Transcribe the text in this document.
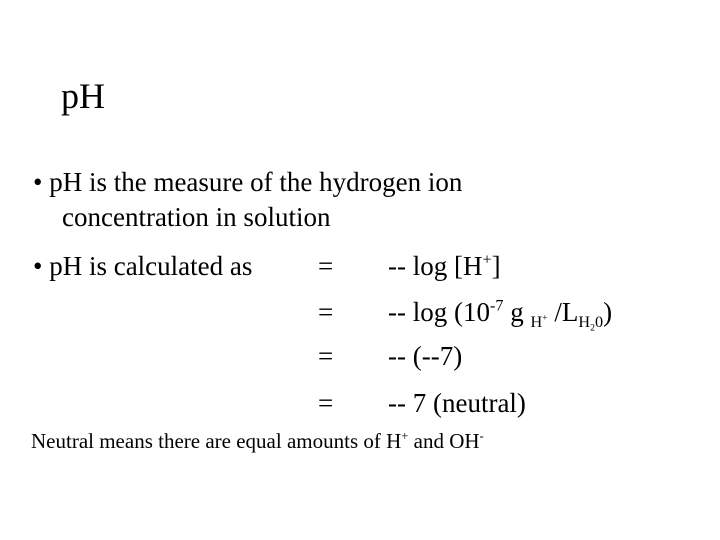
pH
• pH is the measure of the hydrogen ion
concentration in solution
• pH is calculated as =
=
=
=
-- log [H+]
-- $\log (10^{-7}$ g $_{H^+}$ $/L_{H_20}$)
-- (--7)
-- 7 (neutral)
Neutral means there are equal amounts of H+ and OH-
